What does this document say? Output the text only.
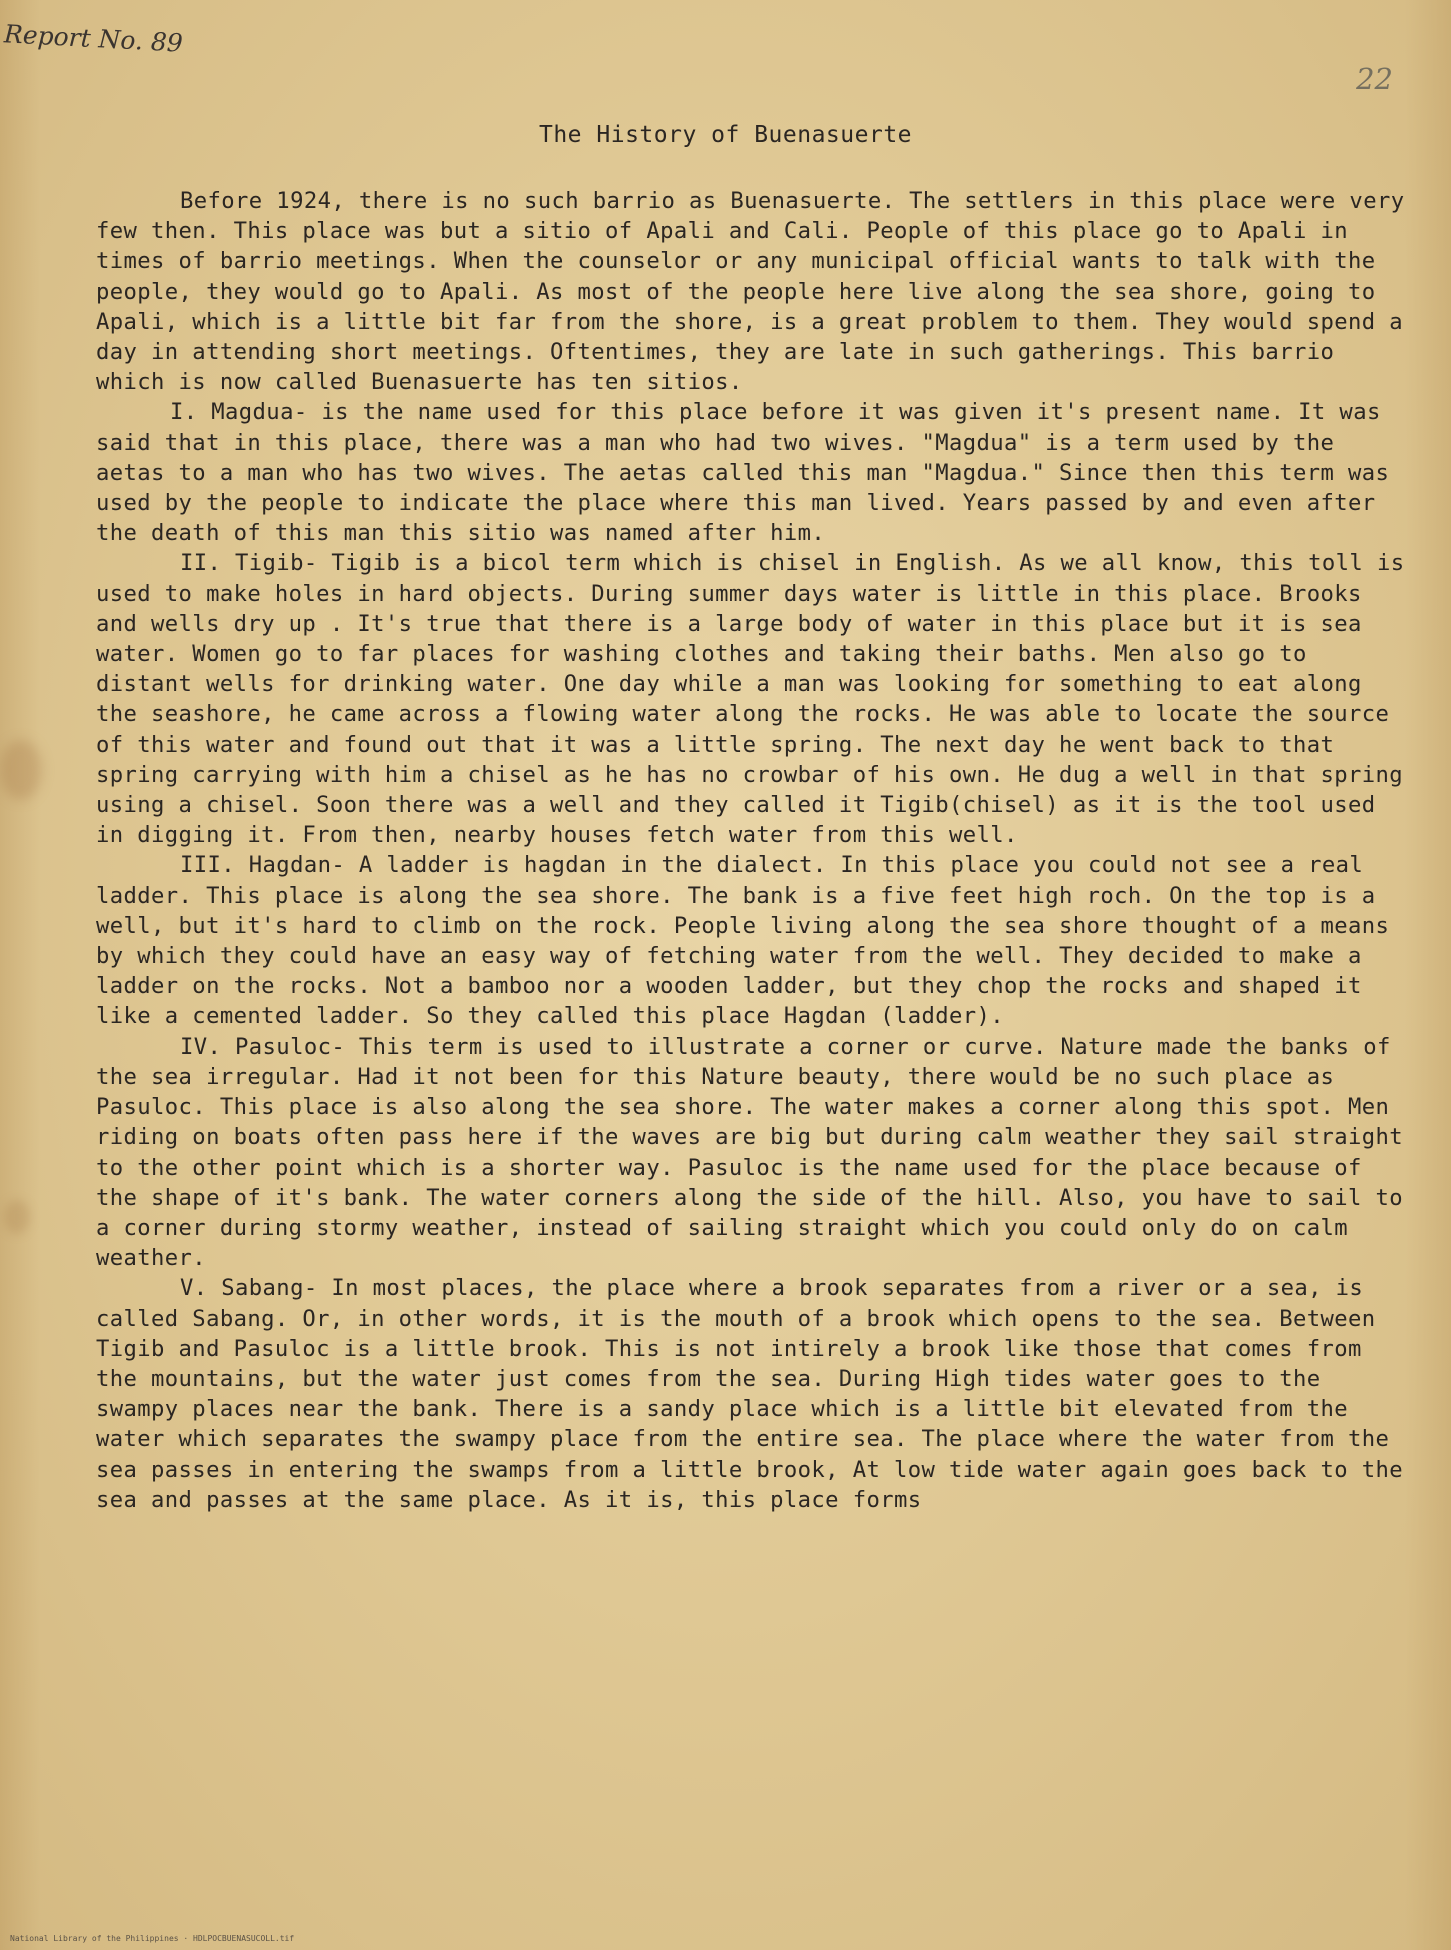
Report No. 89
22
The History of Buenasuerte

Before 1924, there is no such barrio as Buenasuerte. The settlers in this place were very few then. This place was but a sitio of Apali and Cali. People of this place go to Apali in times of barrio meetings. When the counselor or any municipal official wants to talk with the people, they would go to Apali. As most of the people here live along the sea shore, going to Apali, which is a little bit far from the shore, is a great problem to them. They would spend a day in attending short meetings. Oftentimes, they are late in such gatherings. This barrio which is now called Buenasuerte has ten sitios.

I. Magdua- is the name used for this place before it was given it's present name. It was said that in this place, there was a man who had two wives. "Magdua" is a term used by the aetas to a man who has two wives. The aetas called this man "Magdua." Since then this term was used by the people to indicate the place where this man lived. Years passed by and even after the death of this man this sitio was named after him.

II. Tigib- Tigib is a bicol term which is chisel in English. As we all know, this toll is used to make holes in hard objects. During summer days water is little in this place. Brooks and wells dry up . It's true that there is a large body of water in this place but it is sea water. Women go to far places for washing clothes and taking their baths. Men also go to distant wells for drinking water. One day while a man was looking for something to eat along the seashore, he came across a flowing water along the rocks. He was able to locate the source of this water and found out that it was a little spring. The next day he went back to that spring carrying with him a chisel as he has no crowbar of his own. He dug a well in that spring using a chisel. Soon there was a well and they called it Tigib(chisel) as it is the tool used in digging it. From then, nearby houses fetch water from this well.

III. Hagdan- A ladder is hagdan in the dialect. In this place you could not see a real ladder. This place is along the sea shore. The bank is a five feet high roch. On the top is a well, but it's hard to climb on the rock. People living along the sea shore thought of a means by which they could have an easy way of fetching water from the well. They decided to make a ladder on the rocks. Not a bamboo nor a wooden ladder, but they chop the rocks and shaped it like a cemented ladder. So they called this place Hagdan (ladder).

IV. Pasuloc- This term is used to illustrate a corner or curve. Nature made the banks of the sea irregular. Had it not been for this Nature beauty, there would be no such place as Pasuloc. This place is also along the sea shore. The water makes a corner along this spot. Men riding on boats often pass here if the waves are big but during calm weather they sail straight to the other point which is a shorter way. Pasuloc is the name used for the place because of the shape of it's bank. The water corners along the side of the hill. Also, you have to sail to a corner during stormy weather, instead of sailing straight which you could only do on calm weather.

V. Sabang- In most places, the place where a brook separates from a river or a sea, is called Sabang. Or, in other words, it is the mouth of a brook which opens to the sea. Between Tigib and Pasuloc is a little brook. This is not intirely a brook like those that comes from the mountains, but the water just comes from the sea. During High tides water goes to the swampy places near the bank. There is a sandy place which is a little bit elevated from the water which separates the swampy place from the entire sea. The place where the water from the sea passes in entering the swamps from a little brook, At low tide water again goes back to the sea and passes at the same place. As it is, this place forms

National Library of the Philippines · HDLPOCBUENASUCOLL.tif
